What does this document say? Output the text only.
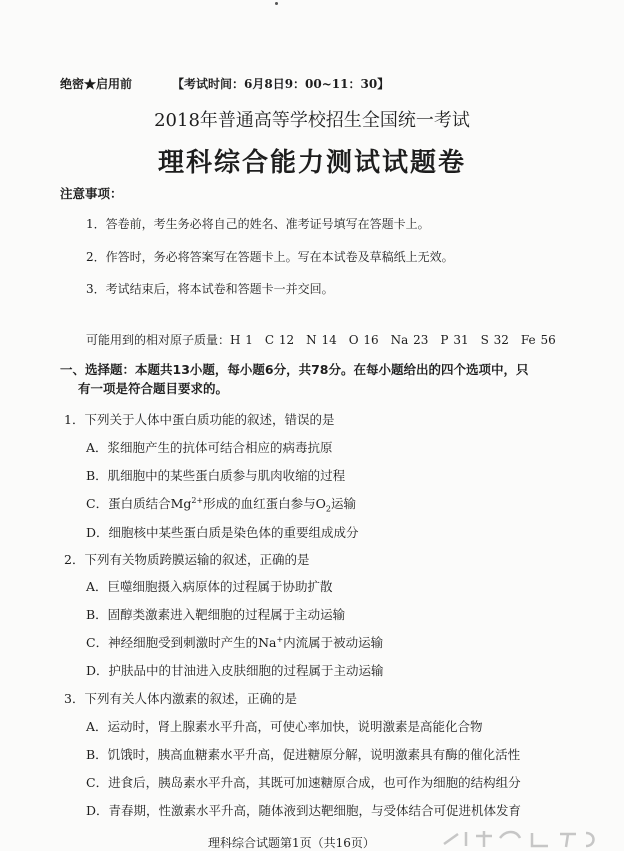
绝密★启用前	【考试时间：6月8日9：00~11：30】
2018年普通高等学校招生全国统一考试
理科综合能力测试试题卷
注意事项：
1．答卷前，考生务必将自己的姓名、准考证号填写在答题卡上。
2．作答时，务必将答案写在答题卡上。写在本试卷及草稿纸上无效。
3．考试结束后，将本试卷和答题卡一并交回。
可能用到的相对原子质量：H 1　C 12　N 14　O 16　Na 23　P 31　S 32　Fe 56
一、选择题：本题共13小题，每小题6分，共78分。在每小题给出的四个选项中，只
有一项是符合题目要求的。
1．下列关于人体中蛋白质功能的叙述，错误的是
A．浆细胞产生的抗体可结合相应的病毒抗原
B．肌细胞中的某些蛋白质参与肌肉收缩的过程
C．蛋白质结合$Mg^{2+}$形成的血红蛋白参与$O_2$运输
D．细胞核中某些蛋白质是染色体的重要组成成分
2．下列有关物质跨膜运输的叙述，正确的是
A．巨噬细胞摄入病原体的过程属于协助扩散
B．固醇类激素进入靶细胞的过程属于主动运输
C．神经细胞受到刺激时产生的Na+内流属于被动运输
D．护肤品中的甘油进入皮肤细胞的过程属于主动运输
3．下列有关人体内激素的叙述，正确的是
A．运动时，肾上腺素水平升高，可使心率加快，说明激素是高能化合物
B．饥饿时，胰高血糖素水平升高，促进糖原分解，说明激素具有酶的催化活性
C．进食后，胰岛素水平升高，其既可加速糖原合成，也可作为细胞的结构组分
D．青春期，性激素水平升高，随体液到达靶细胞，与受体结合可促进机体发育
理科综合试题第1页（共16页）
